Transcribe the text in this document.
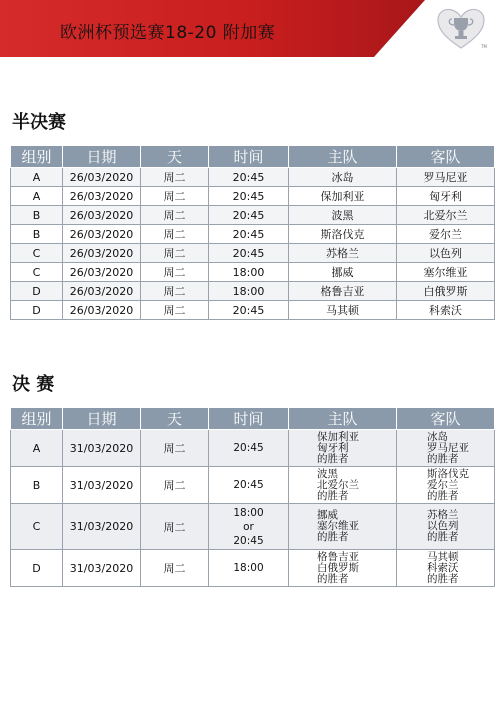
欧洲杯预选赛18-20 附加赛
TM
半决赛
组别	日期	天	时间	主队	客队
A	26/03/2020	周二	20:45	冰岛	罗马尼亚
A	26/03/2020	周二	20:45	保加利亚	匈牙利
B	26/03/2020	周二	20:45	波黑	北爱尔兰
B	26/03/2020	周二	20:45	斯洛伐克	爱尔兰
C	26/03/2020	周二	20:45	苏格兰	以色列
C	26/03/2020	周二	18:00	挪威	塞尔维亚
D	26/03/2020	周二	18:00	格鲁吉亚	白俄罗斯
D	26/03/2020	周二	20:45	马其顿	科索沃
决 赛
组别	日期	天	时间	主队	客队
A	31/03/2020	周二	20:45	保加利亚
匈牙利
的胜者	冰岛
罗马尼亚
的胜者

B	31/03/2020	周二	20:45	波黑
北爱尔兰
的胜者	斯洛伐克
爱尔兰
的胜者

C	31/03/2020	周二	18:00
or
20:45	挪威
塞尔维亚
的胜者	苏格兰
以色列
的胜者

D	31/03/2020	周二	18:00	格鲁吉亚
白俄罗斯
的胜者	马其顿
科索沃
的胜者
